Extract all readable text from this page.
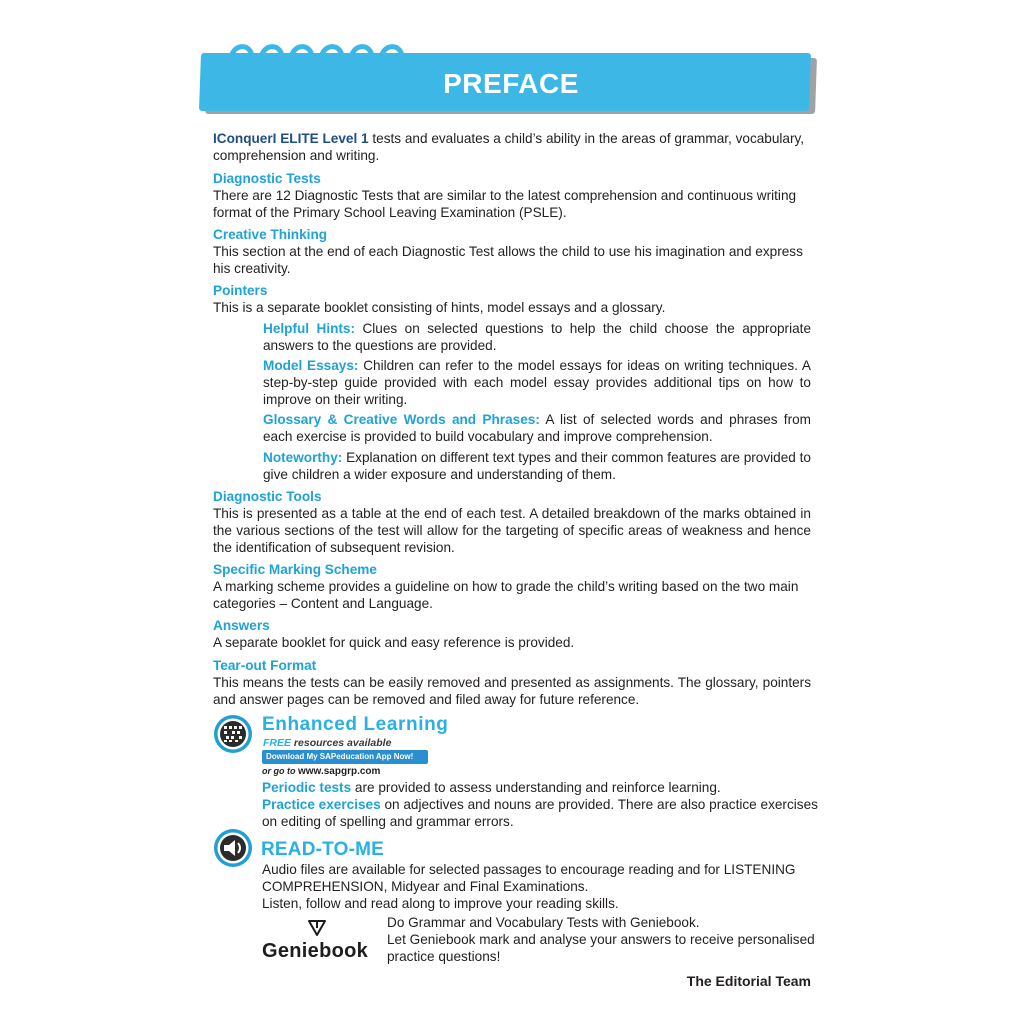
PREFACE
IConquerI ELITE Level 1 tests and evaluates a child’s ability in the areas of grammar, vocabulary, comprehension and writing.
Diagnostic Tests
There are 12 Diagnostic Tests that are similar to the latest comprehension and continuous writing format of the Primary School Leaving Examination (PSLE).
Creative Thinking
This section at the end of each Diagnostic Test allows the child to use his imagination and express his creativity.
Pointers
This is a separate booklet consisting of hints, model essays and a glossary.
Helpful Hints: Clues on selected questions to help the child choose the appropriate answers to the questions are provided.
Model Essays: Children can refer to the model essays for ideas on writing techniques. A step-by-step guide provided with each model essay provides additional tips on how to improve on their writing.
Glossary & Creative Words and Phrases: A list of selected words and phrases from each exercise is provided to build vocabulary and improve comprehension.
Noteworthy: Explanation on different text types and their common features are provided to give children a wider exposure and understanding of them.
Diagnostic Tools
This is presented as a table at the end of each test. A detailed breakdown of the marks obtained in the various sections of the test will allow for the targeting of specific areas of weakness and hence the identification of subsequent revision.
Specific Marking Scheme
A marking scheme provides a guideline on how to grade the child’s writing based on the two main categories – Content and Language.
Answers
A separate booklet for quick and easy reference is provided.
Tear-out Format
This means the tests can be easily removed and presented as assignments. The glossary, pointers and answer pages can be removed and filed away for future reference.
Enhanced Learning
FREE resources available
Download My SAPeducation App Now!
or go to www.sapgrp.com
Periodic tests are provided to assess understanding and reinforce learning.
Practice exercises on adjectives and nouns are provided. There are also practice exercises on editing of spelling and grammar errors.
READ-TO-ME
Audio files are available for selected passages to encourage reading and for LISTENING COMPREHENSION, Midyear and Final Examinations.
Listen, follow and read along to improve your reading skills.
Geniebook
Do Grammar and Vocabulary Tests with Geniebook.
Let Geniebook mark and analyse your answers to receive personalised practice questions!
The Editorial Team
